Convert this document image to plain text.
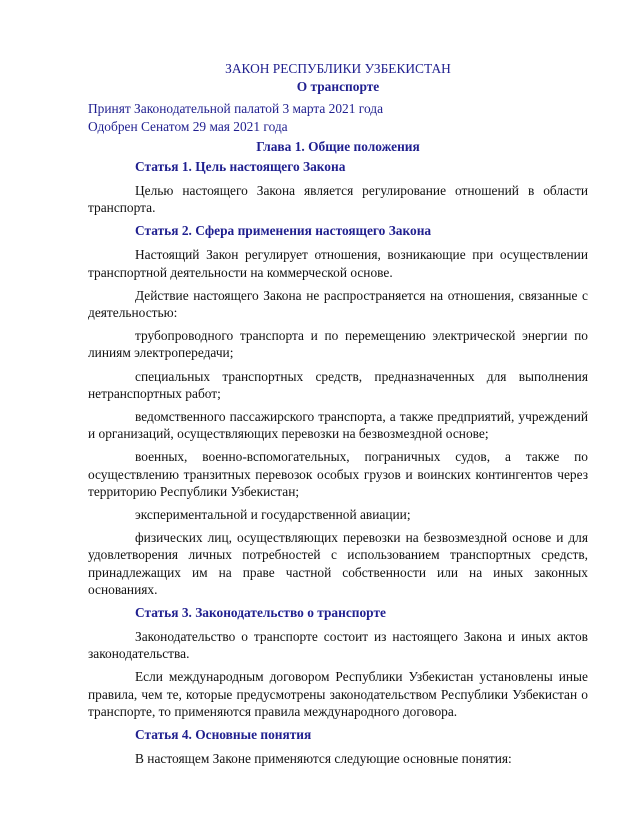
ЗАКОН РЕСПУБЛИКИ УЗБЕКИСТАН
О транспорте
Принят Законодательной палатой 3 марта 2021 года
Одобрен Сенатом 29 мая 2021 года
Глава 1. Общие положения
Статья 1. Цель настоящего Закона

Целью настоящего Закона является регулирование отношений в области транспорта.

Статья 2. Сфера применения настоящего Закона

Настоящий Закон регулирует отношения, возникающие при осуществлении транспортной деятельности на коммерческой основе.

Действие настоящего Закона не распространяется на отношения, связанные с деятельностью:

трубопроводного транспорта и по перемещению электрической энергии по линиям электропередачи;

специальных транспортных средств, предназначенных для выполнения нетранспортных работ;

ведомственного пассажирского транспорта, а также предприятий, учреждений и организаций, осуществляющих перевозки на безвозмездной основе;

военных, военно-вспомогательных, пограничных судов, а также по осуществлению транзитных перевозок особых грузов и воинских контингентов через территорию Республики Узбекистан;

экспериментальной и государственной авиации;

физических лиц, осуществляющих перевозки на безвозмездной основе и для удовлетворения личных потребностей с использованием транспортных средств, принадлежащих им на праве частной собственности или на иных законных основаниях.

Статья 3. Законодательство о транспорте

Законодательство о транспорте состоит из настоящего Закона и иных актов законодательства.

Если международным договором Республики Узбекистан установлены иные правила, чем те, которые предусмотрены законодательством Республики Узбекистан о транспорте, то применяются правила международного договора.

Статья 4. Основные понятия

В настоящем Законе применяются следующие основные понятия:
